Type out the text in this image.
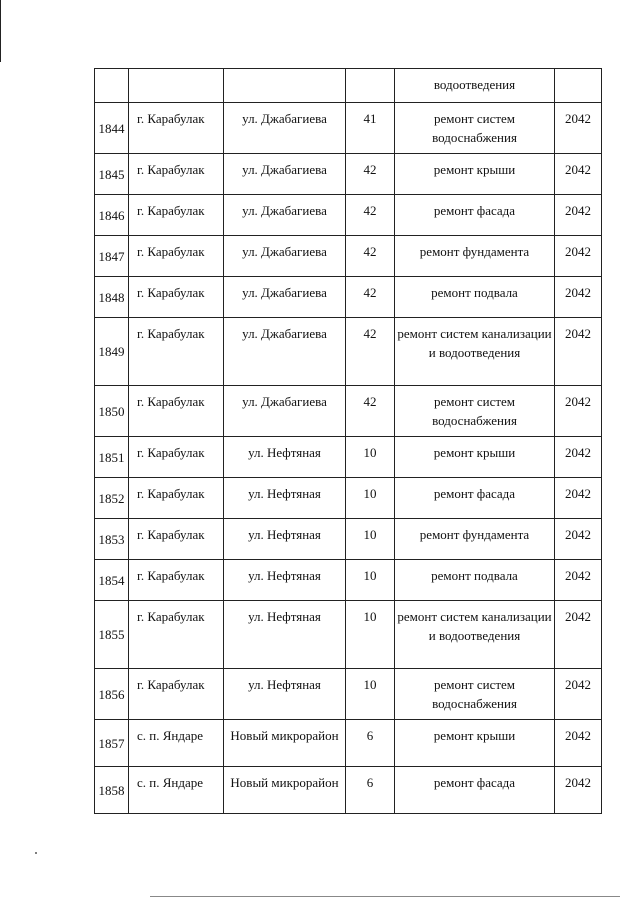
				водоотведения	
1844	г. Карабулак	ул. Джабагиева	41	ремонт систем водоснабжения	2042
1845	г. Карабулак	ул. Джабагиева	42	ремонт крыши	2042
1846	г. Карабулак	ул. Джабагиева	42	ремонт фасада	2042
1847	г. Карабулак	ул. Джабагиева	42	ремонт фундамента	2042
1848	г. Карабулак	ул. Джабагиева	42	ремонт подвала	2042
1849	г. Карабулак	ул. Джабагиева	42	ремонт систем канализации и водоотведения	2042
1850	г. Карабулак	ул. Джабагиева	42	ремонт систем водоснабжения	2042
1851	г. Карабулак	ул. Нефтяная	10	ремонт крыши	2042
1852	г. Карабулак	ул. Нефтяная	10	ремонт фасада	2042
1853	г. Карабулак	ул. Нефтяная	10	ремонт фундамента	2042
1854	г. Карабулак	ул. Нефтяная	10	ремонт подвала	2042
1855	г. Карабулак	ул. Нефтяная	10	ремонт систем канализации и водоотведения	2042
1856	г. Карабулак	ул. Нефтяная	10	ремонт систем водоснабжения	2042
1857	с. п. Яндаре	Новый микрорайон	6	ремонт крыши	2042
1858	с. п. Яндаре	Новый микрорайон	6	ремонт фасада	2042
